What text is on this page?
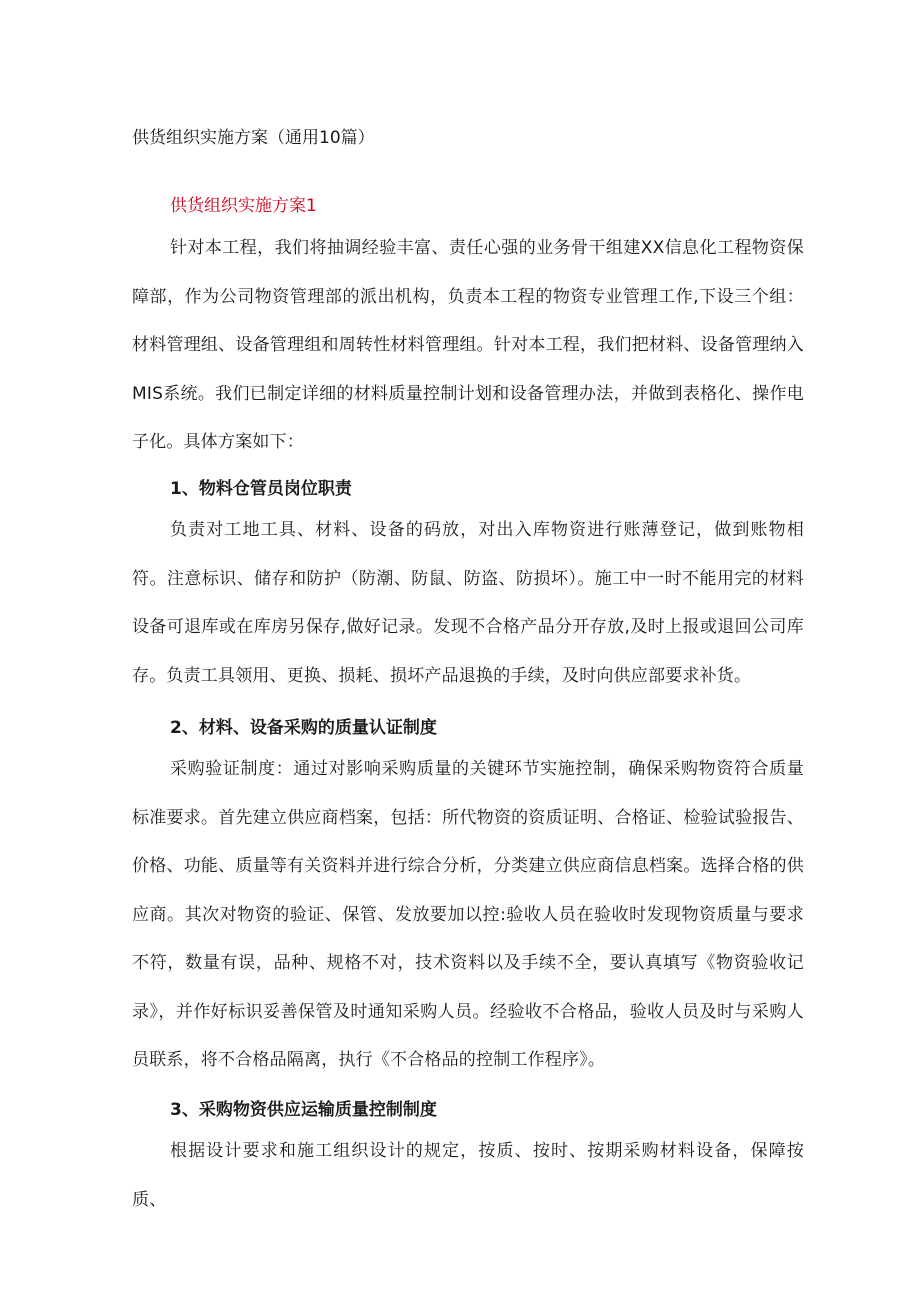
供货组织实施方案（通用10篇）
供货组织实施方案1

针对本工程，我们将抽调经验丰富、责任心强的业务骨干组建XX信息化工程物资保障部，作为公司物资管理部的派出机构，负责本工程的物资专业管理工作,下设三个组：材料管理组、设备管理组和周转性材料管理组。针对本工程，我们把材料、设备管理纳入MIS系统。我们已制定详细的材料质量控制计划和设备管理办法，并做到表格化、操作电子化。具体方案如下：

1、物料仓管员岗位职责

负责对工地工具、材料、设备的码放，对出入库物资进行账薄登记，做到账物相符。注意标识、储存和防护（防潮、防鼠、防盗、防损坏）。施工中一时不能用完的材料设备可退库或在库房另保存,做好记录。发现不合格产品分开存放,及时上报或退回公司库存。负责工具领用、更换、损耗、损坏产品退换的手续，及时向供应部要求补货。

2、材料、设备采购的质量认证制度

采购验证制度：通过对影响采购质量的关键环节实施控制，确保采购物资符合质量标准要求。首先建立供应商档案，包括：所代物资的资质证明、合格证、检验试验报告、价格、功能、质量等有关资料并进行综合分析，分类建立供应商信息档案。选择合格的供应商。其次对物资的验证、保管、发放要加以控:验收人员在验收时发现物资质量与要求不符，数量有误，品种、规格不对，技术资料以及手续不全，要认真填写《物资验收记录》，并作好标识妥善保管及时通知采购人员。经验收不合格品，验收人员及时与采购人员联系，将不合格品隔离，执行《不合格品的控制工作程序》。

3、采购物资供应运输质量控制制度

根据设计要求和施工组织设计的规定，按质、按时、按期采购材料设备，保障按质、
